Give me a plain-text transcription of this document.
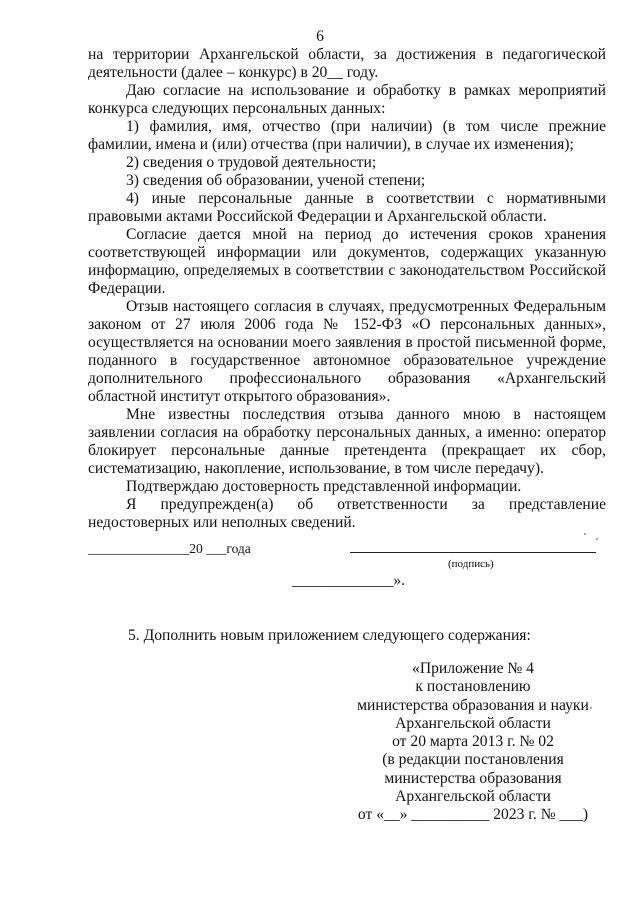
6

на территории Архангельской области, за достижения в педагогической деятельности (далее – конкурс) в 20__ году.

Даю согласие на использование и обработку в рамках мероприятий конкурса следующих персональных данных:

1) фамилия, имя, отчество (при наличии) (в том числе прежние фамилии, имена и (или) отчества (при наличии), в случае их изменения);

2) сведения о трудовой деятельности;

3) сведения об образовании, ученой степени;

4) иные персональные данные в соответствии с нормативными правовыми актами Российской Федерации и Архангельской области.

Согласие дается мной на период до истечения сроков хранения соответствующей информации или документов, содержащих указанную информацию, определяемых в соответствии с законодательством Российской Федерации.

Отзыв настоящего согласия в случаях, предусмотренных Федеральным законом от 27 июля 2006 года № 152-ФЗ «О персональных данных», осуществляется на основании моего заявления в простой письменной форме, поданного в государственное автономное образовательное учреждение дополнительного профессионального образования «Архангельский областной институт открытого образования».

Мне известны последствия отзыва данного мною в настоящем заявлении согласия на обработку персональных данных, а именно: оператор блокирует персональные данные претендента (прекращает их сбор, систематизацию, накопление, использование, в том числе передачу).

Подтверждаю достоверность представленной информации.

Я предупрежден(а) об ответственности за представление недостоверных или неполных сведений.

_______________20 ___года
(подпись)
_____________».
5. Дополнить новым приложением следующего содержания:
«Приложение № 4
к постановлению
министерства образования и науки
Архангельской области
от 20 марта 2013 г. № 02
(в редакции постановления
министерства образования
Архангельской области
от «__» __________ 2023 г. № ___)
